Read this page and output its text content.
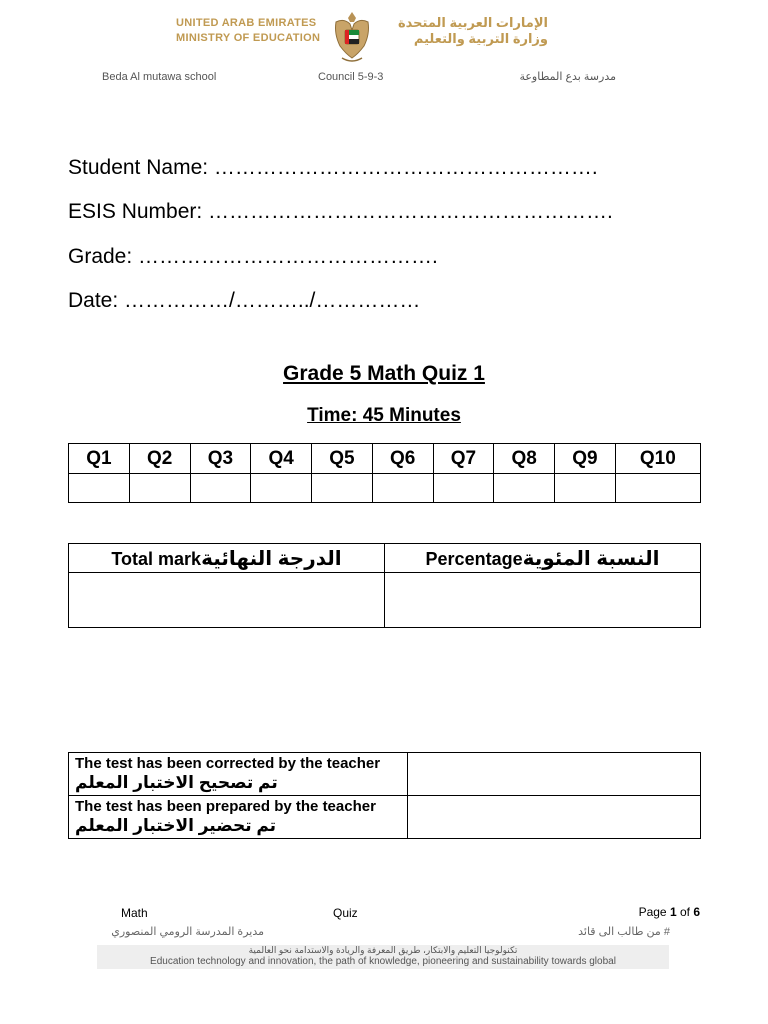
UNITED ARAB EMIRATES
MINISTRY OF EDUCATION
الإمارات العربية المتحدة
وزارة التربية والتعليم
Beda Al mutawa school	Council 5-9-3	مدرسة بدع المطاوعة
Student Name: ……………………………………………….
ESIS Number: ………………………………………………….
Grade: …………………………………….
Date: ……………/………../……………
Grade 5 Math Quiz 1
Time: 45 Minutes
Q1	Q2	Q3	Q4	Q5	Q6	Q7	Q8	Q9	Q10

Total markالدرجة النهائية	Percentageالنسبة المئوية

The test has been corrected by the teacher
تم تصحيح الاختبار المعلم	

The test has been prepared by the teacher
تم تحضير الاختبار المعلم	

Math	Quiz	Page 1 of 6
مديرة المدرسة الرومي المنصوري	# من طالب الى قائد
تكنولوجيا التعليم والابتكار، طريق المعرفة والريادة والاستدامة نحو العالمية
Education technology and innovation, the path of knowledge, pioneering and sustainability towards global
